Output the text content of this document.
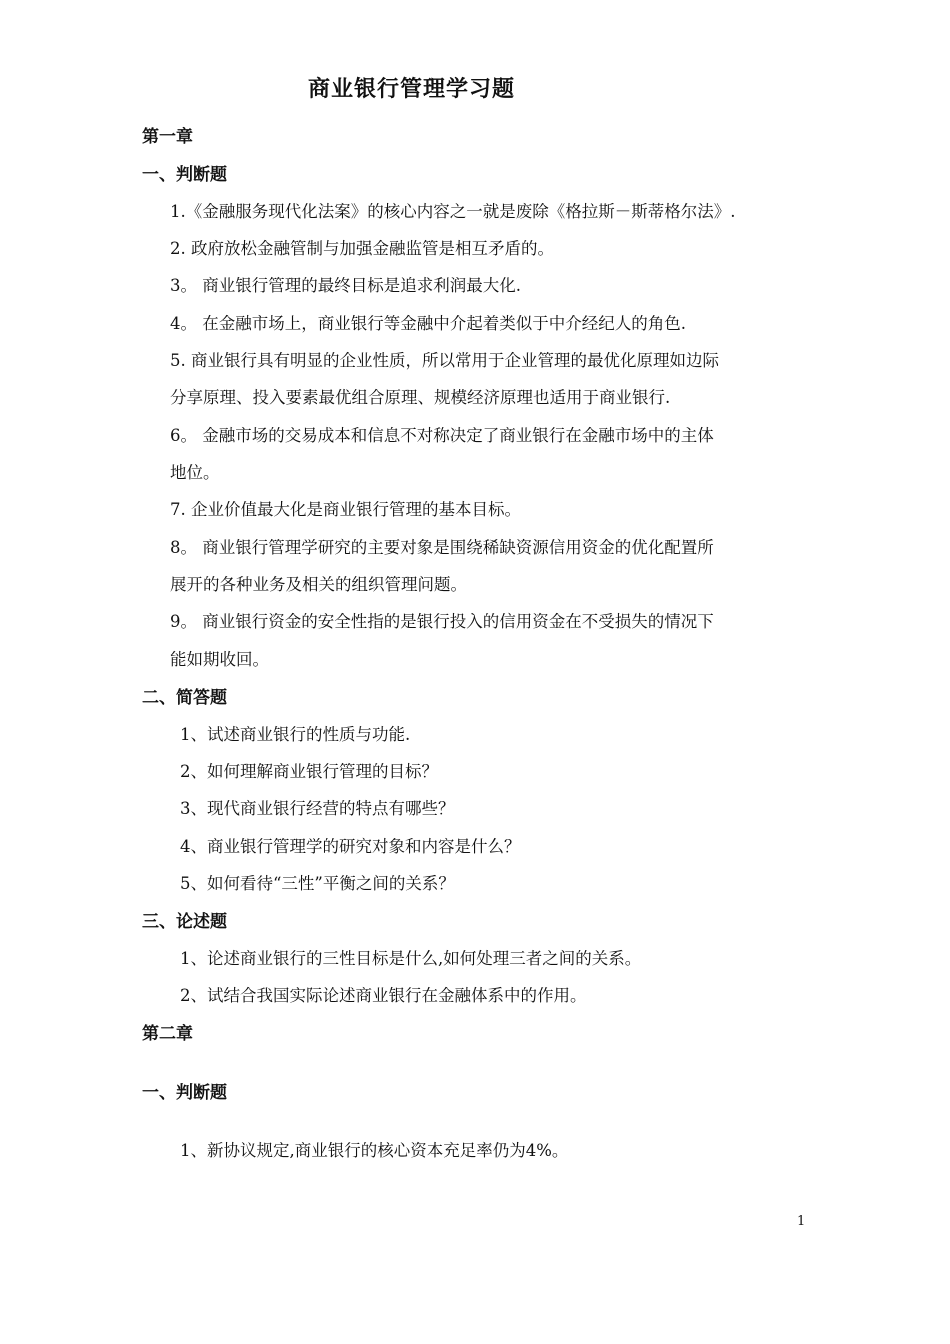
商业银行管理学习题
第一章
一、判断题
1.《金融服务现代化法案》的核心内容之一就是废除《格拉斯－斯蒂格尔法》.
2. 政府放松金融管制与加强金融监管是相互矛盾的。
3。 商业银行管理的最终目标是追求利润最大化.
4。 在金融市场上，商业银行等金融中介起着类似于中介经纪人的角色.
5. 商业银行具有明显的企业性质，所以常用于企业管理的最优化原理如边际
分享原理、投入要素最优组合原理、规模经济原理也适用于商业银行.
6。 金融市场的交易成本和信息不对称决定了商业银行在金融市场中的主体
地位。
7. 企业价值最大化是商业银行管理的基本目标。
8。 商业银行管理学研究的主要对象是围绕稀缺资源信用资金的优化配置所
展开的各种业务及相关的组织管理问题。
9。 商业银行资金的安全性指的是银行投入的信用资金在不受损失的情况下
能如期收回。
二、简答题
1、试述商业银行的性质与功能.
2、如何理解商业银行管理的目标？
3、现代商业银行经营的特点有哪些？
4、商业银行管理学的研究对象和内容是什么？
5、如何看待“三性”平衡之间的关系？
三、论述题
1、论述商业银行的三性目标是什么,如何处理三者之间的关系。
2、试结合我国实际论述商业银行在金融体系中的作用。
第二章
一、判断题
1、新协议规定,商业银行的核心资本充足率仍为4%。
1
